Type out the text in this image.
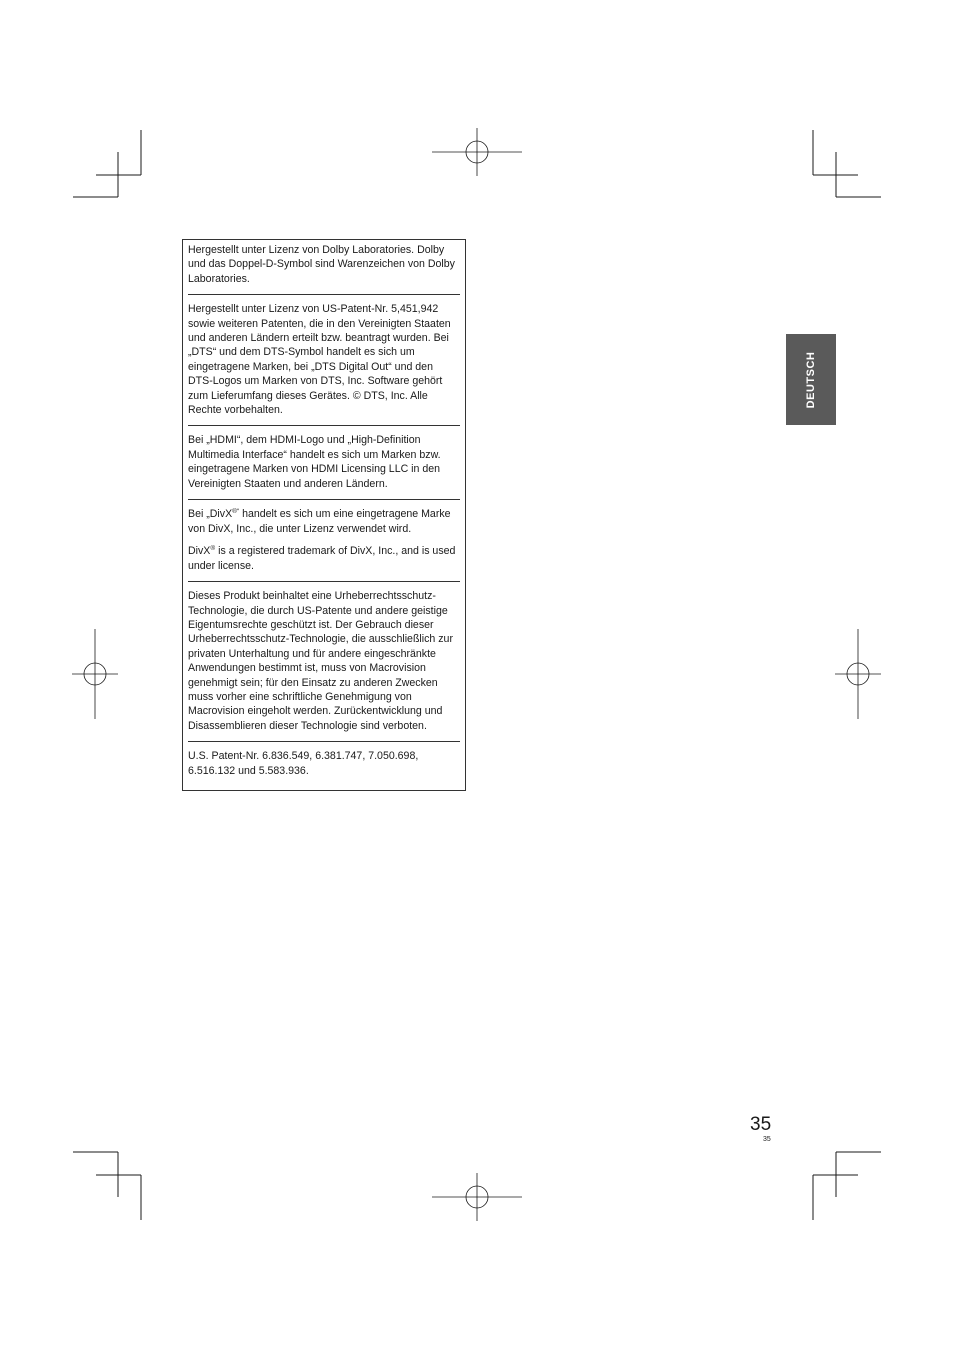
Hergestellt unter Lizenz von Dolby Laboratories. Dolby und das Doppel-D-Symbol sind Warenzeichen von Dolby Laboratories.

Hergestellt unter Lizenz von US-Patent-Nr. 5,451,942 sowie weiteren Patenten, die in den Vereinigten Staaten und anderen Ländern erteilt bzw. beantragt wurden. Bei „DTS“ und dem DTS-Symbol handelt es sich um eingetragene Marken, bei „DTS Digital Out“ und den DTS-Logos um Marken von DTS, Inc. Software gehört zum Lieferumfang dieses Gerätes. © DTS, Inc. Alle Rechte vorbehalten.

Bei „HDMI“, dem HDMI-Logo und „High-Definition Multimedia Interface“ handelt es sich um Marken bzw. eingetragene Marken von HDMI Licensing LLC in den Vereinigten Staaten und anderen Ländern.

Bei „DivX®“ handelt es sich um eine eingetragene Marke von DivX, Inc., die unter Lizenz verwendet wird.

DivX® is a registered trademark of DivX, Inc., and is used under license.

Dieses Produkt beinhaltet eine Urheberrechtsschutz-Technologie, die durch US-Patente und andere geistige Eigentumsrechte geschützt ist. Der Gebrauch dieser Urheberrechtsschutz-Technologie, die ausschließlich zur privaten Unterhaltung und für andere eingeschränkte Anwendungen bestimmt ist, muss von Macrovision genehmigt sein; für den Einsatz zu anderen Zwecken muss vorher eine schriftliche Genehmigung von Macrovision eingeholt werden. Zurückentwicklung und Disassemblieren dieser Technologie sind verboten.

U.S. Patent-Nr. 6.836.549, 6.381.747, 7.050.698, 6.516.132 und 5.583.936.

DEUTSCH
35
35
